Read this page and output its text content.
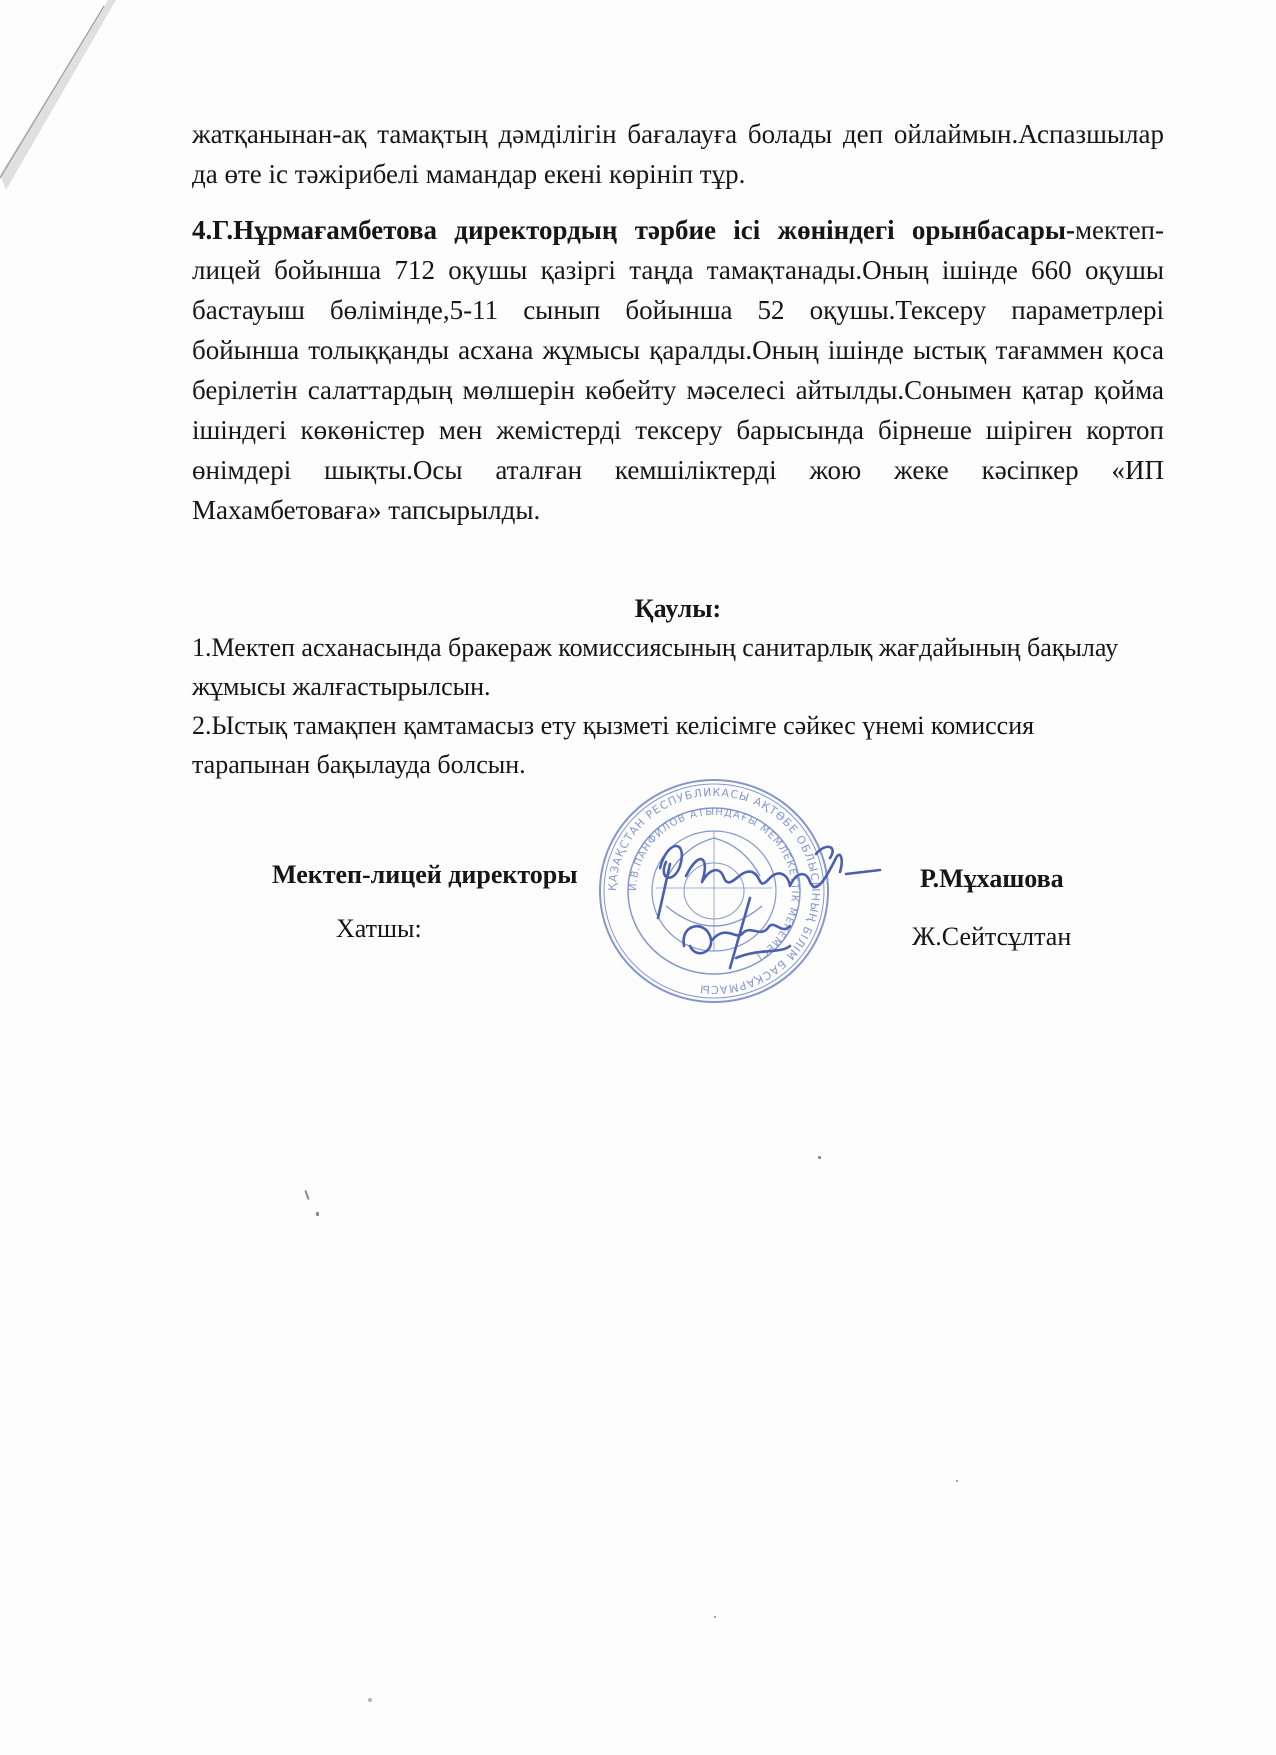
жатқанынан-ақ тамақтың дәмділігін бағалауға болады деп ойлаймын.Аспазшылар да өте іс тәжірибелі мамандар екені көрініп тұр.
4.Г.Нұрмағамбетова директордың тәрбие ісі жөніндегі орынбасары-мектеп-лицей бойынша 712 оқушы қазіргі таңда тамақтанады.Оның ішінде 660 оқушы бастауыш бөлімінде,5-11 сынып бойынша 52 оқушы.Тексеру параметрлері бойынша толыққанды асхана жұмысы қаралды.Оның ішінде ыстық тағаммен қоса берілетін салаттардың мөлшерін көбейту мәселесі айтылды.Сонымен қатар қойма ішіндегі көкөністер мен жемістерді тексеру барысында бірнеше шіріген кортоп өнімдері шықты.Осы аталған кемшіліктерді жою жеке кәсіпкер «ИП Махамбетоваға» тапсырылды.
Қаулы:

1.Мектеп асханасында бракераж комиссиясының санитарлық жағдайының бақылау жұмысы жалғастырылсын.

2.Ыстық тамақпен қамтамасыз ету қызметі келісімге сәйкес үнемі комиссия тарапынан бақылауда болсын.

Мектеп-лицей директоры	Р.Мұхашова
Хатшы:	Ж.Сейтсұлтан
ҚАЗАҚСТАН РЕСПУБЛИКАСЫ АҚТӨБЕ ОБЛЫСЫНЫҢ БІЛІМ БАСҚАРМАСЫ
И.В.ПАНФИЛОВ АТЫНДАҒЫ МЕМЛЕКЕТТІК МЕКЕМЕСІ
